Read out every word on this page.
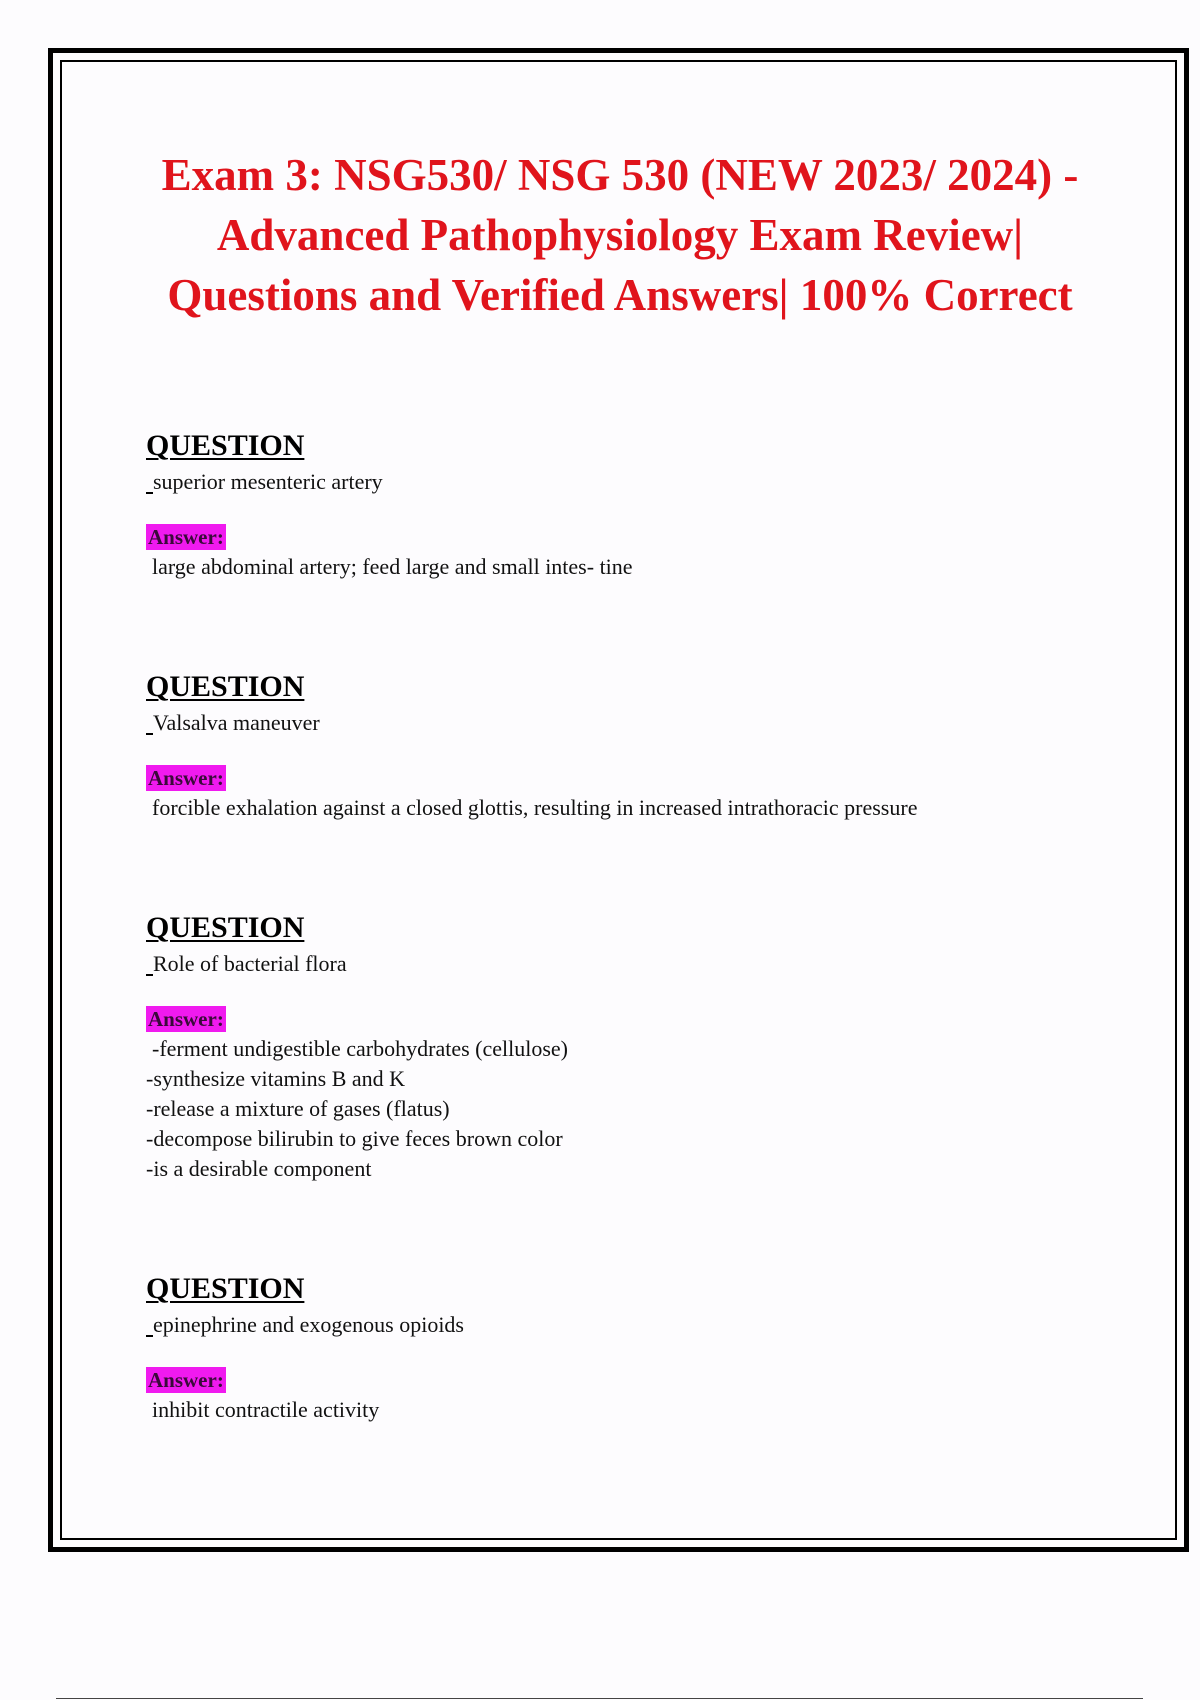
Exam 3: NSG530/ NSG 530 (NEW 2023/ 2024) - Advanced Pathophysiology Exam Review| Questions and Verified Answers| 100% Correct
QUESTION
superior mesenteric artery
Answer:
large abdominal artery; feed large and small intes- tine
QUESTION
Valsalva maneuver
Answer:
forcible exhalation against a closed glottis, resulting in increased intrathoracic pressure
QUESTION
Role of bacterial flora
Answer:
-ferment undigestible carbohydrates (cellulose)
-synthesize vitamins B and K
-release a mixture of gases (flatus)
-decompose bilirubin to give feces brown color
-is a desirable component
QUESTION
epinephrine and exogenous opioids
Answer:
inhibit contractile activity
